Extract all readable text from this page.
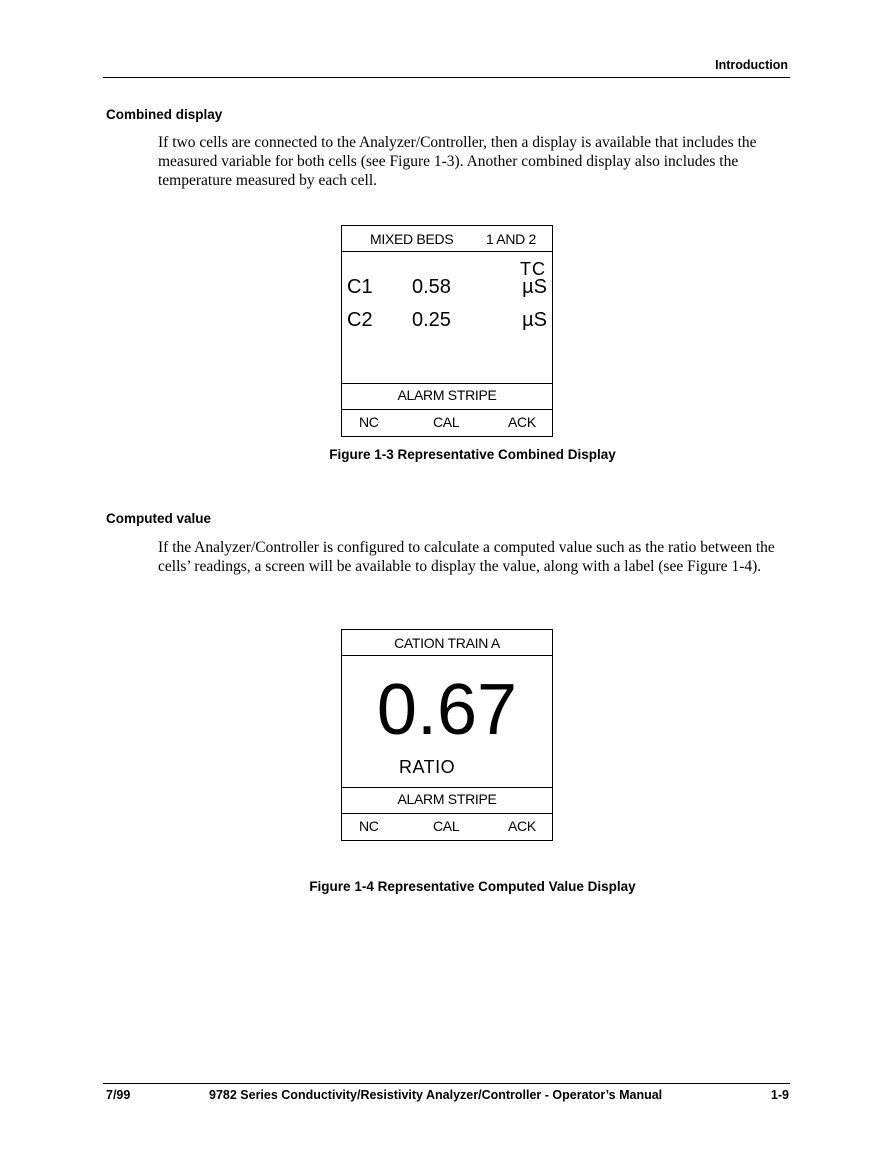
Introduction
Combined display
If two cells are connected to the Analyzer/Controller, then a display is available that includes the measured variable for both cells (see Figure 1-3). Another combined display also includes the temperature measured by each cell.
MIXED BEDS 1 AND 2
TC
C1 0.58	µS
C2 0.25	µS
ALARM STRIPE
NC	CAL	ACK
Figure 1-3 Representative Combined Display
Computed value
If the Analyzer/Controller is configured to calculate a computed value such as the ratio between the cells’ readings, a screen will be available to display the value, along with a label (see Figure 1-4).
CATION TRAIN A
0.67
RATIO
ALARM STRIPE
NC	CAL	ACK
Figure 1-4 Representative Computed Value Display
7/99	9782 Series Conductivity/Resistivity Analyzer/Controller - Operator’s Manual	1-9
